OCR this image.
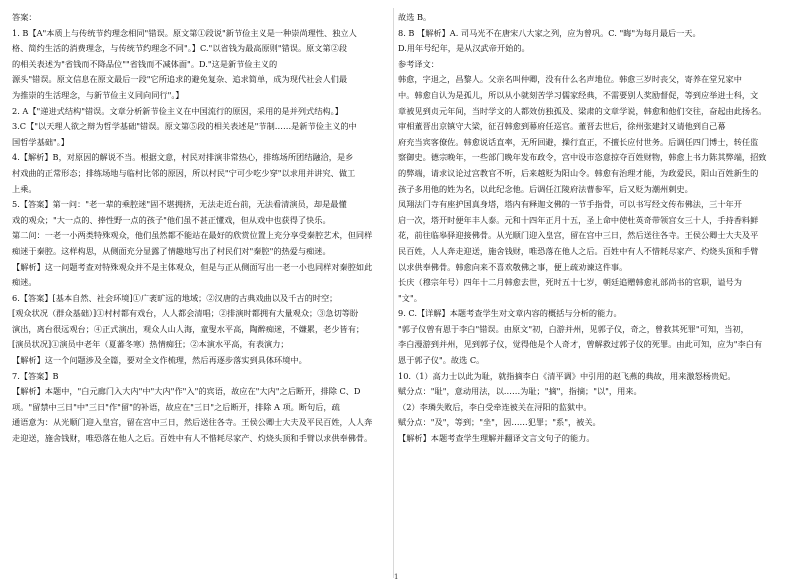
答案：
1. B【A"本质上与传统节约理念相同"错误。原文第①段说"新节俭主义是一种崇尚理性、独立人
格、简约生活的消费理念，与传统节约理念不同"。】C."以省钱为最高原则"错误。原文第②段
的相关表述为"省钱而不降品位""省钱而不减体面"。D."这是新节俭主义的
源头"错误。原文信息在原文最后一段"它所追求的避免复杂、追求简单，成为现代社会人们最
为推崇的生活理念，与新节俭主义同向同行"。】
2. A【"递进式结构"错误。文章分析新节俭主义在中国流行的原因，采用的是并列式结构。】
3.C【"以天理人欲之辩为哲学基础"错误。原文第⑤段的相关表述是"节制……是新节俭主义的中
国哲学基础"。】
4.【解析】B，对原因的解说不当。根据文意，村民对排演非常热心，排练场所团结融洽，是乡
村戏曲的正常形态；排练场地与临村比邻的原因，所以村民"宁可少吃少穿"以求用并讲究、做工
上乘。
5.【答案】第一问："老一辈的乘腔迷"固不堪拥挤，无法走近台前，无法看清演员，却是最懂
戏的观众；"大一点的、捧性野一点的孩子"他们虽不甚正懂戏，但从戏中也获得了快乐。
第二问：一老一小两类特殊观众，他们虽然都不能站在最好的欣赏位置上充分享受秦腔艺术，但同样
痴迷于秦腔。这样构思，从侧面充分显露了情趣地写出了村民们对"秦腔"的热爱与痴迷。
【解析】这一问题考查对特殊观众并不是主体观众，但是与正从侧面写出一老一小也同样对秦腔如此
痴迷。
6.【答案】[基本自然、社会环境]①广袤旷远的地域；②汉唐的古典戏曲以及千古的时空；
[观众状况（群众基础）]①村村都有戏台，人人都会清唱；②排演时都拥有大量观众；③急切等盼
演出，离台很远观台；④正式演出，观众人山人海，童叟水平高，陶醉痴迷，不嫌累，老少皆有；
[演员状况]①演员中老年（夏蕃冬寒）热情痴狂；②本演水平高，有表演力；
【解析】这一个问题涉及全篇，要对全文作梳理，然后再逐步落实到具体环境中。
7.【答案】B
【解析】本题中，"白元廊门入大内"中"大内"作"入"的宾语，故应在"大内"之后断开，排除 C、D
项。"留禁中三日"中"三日"作"留"的补语，故应在"三日"之后断开，排除 A 项。断句后，疏
通语意为：从光顺门迎入皇宫，留在宫中三日，然后送往各寺。王侯公卿士大夫及平民百姓，人人奔
走迎送，施舍钱财，唯恐落在他人之后。百姓中有人不惜耗尽家产、灼烧头顶和手臂以求供奉佛骨。
故选 B。
8. B 【解析】A. 司马光不在唐宋八大家之列，应为曾巩。C. "晦"为每月最后一天。
D.用年号纪年，是从汉武帝开始的。
参考译文：
韩愈，字退之，昌黎人。父亲名叫仲卿，没有什么名声地位。韩愈三岁时丧父，寄养在堂兄家中
中。韩愈自认为是孤儿，所以从小就刻苦学习儒家经典，不需要别人奖励督促，等到应举进士科，文
章被见到贞元年间，当时学文的人都效仿独孤及、梁肃的文章学说，韩愈和他们交往，奋起由此扬名。
审相董晋出京镇守大梁，征召韩愈到幕府任巡官。董晋去世后，徐州张建封又请他到自己幕
府充当宾客僚佐。韩愈说话直率，无所回避，操行直正，不擅长应付世务。后调任四门博士，转任监
察御史。德宗晚年，一些部门晚年发布政令，宫中设市恣意掠夺百姓财物，韩愈上书力陈其弊端，招致
的弊端，请求议论过宫教官不听，后来越贬为阳山令。韩愈有治理才能，为政爱民，阳山百姓新生的
孩子多用他的姓为名，以此纪念他。后调任江陵府法曹参军，后又贬为潮州刺史。
凤翔法门寺有座护国真身塔，塔内有释迦文佛的一节手指骨，可以书写经文传布佛法，三十年开
启一次，塔开时便年丰人泰。元和十四年正月十五，圣上命中使杜英奇带领宫女三十人，手持香料鲜
花，前往临皋驿迎接佛骨。从光顺门迎入皇宫，留在宫中三日，然后送往各寺。王侯公卿士大夫及平
民百姓，人人奔走迎送，施舍钱财，唯恐落在他人之后。百姓中有人不惜耗尽家产、灼烧头顶和手臂
以求供奉佛骨。韩愈向来不喜欢敬佛之事，便上疏劝谏这件事。
长庆（穆宗年号）四年十二月韩愈去世，死时五十七岁，朝廷追赠韩愈礼部尚书的官职，谥号为
"文"。
9. C.【详解】本题考查学生对文章内容的概括与分析的能力。
"郭子仪曾有恩于李白"错误。由原文"初，白游并州，见郭子仪，奇之，曾救其死罪"可知，当初，
李白漫游到并州，见到郭子仪，觉得他是个人奇才，曾解救过郭子仪的死罪。由此可知，应为"李白有
恩于郭子仪"。故选 C。
10.（1）高力士以此为耻，就指摘李白《清平调》中引用的赵飞燕的典故，用来激怒杨贵妃。
赋分点："耻"，意动用法，以……为耻；"摘"，指摘；"以"，用来。
（2）李璘失败后，李白受牵连被关在浔阳的监狱中。
赋分点："及"，等到；"坐"，因……犯罪；"系"，被关。
【解析】本题考查学生理解并翻译文言文句子的能力。
1
